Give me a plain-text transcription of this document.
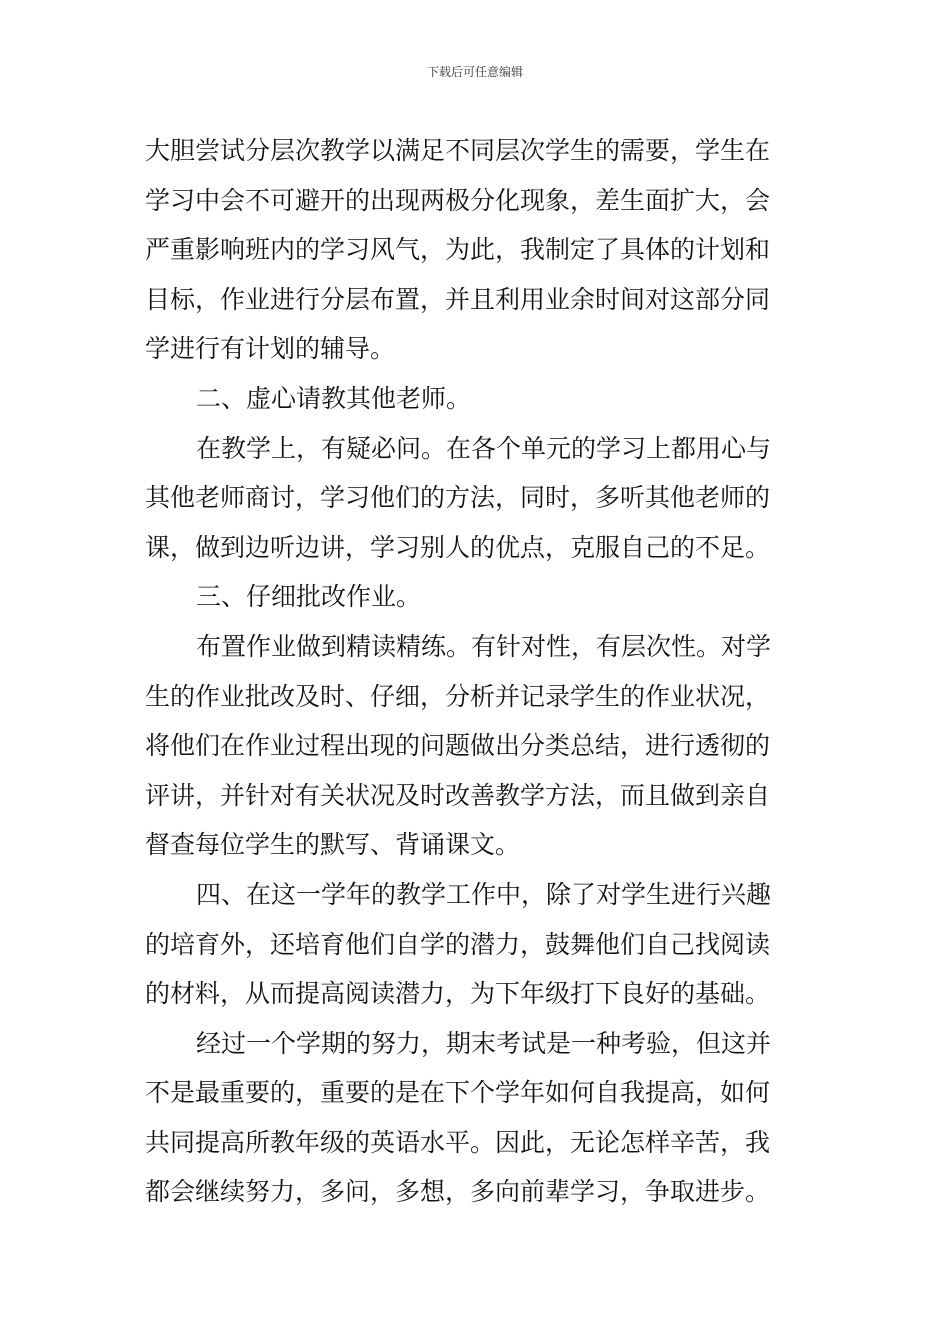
下载后可任意编辑
大胆尝试分层次教学以满足不同层次学生的需要，学生在
学习中会不可避开的出现两极分化现象，差生面扩大，会
严重影响班内的学习风气，为此，我制定了具体的计划和
目标，作业进行分层布置，并且利用业余时间对这部分同
学进行有计划的辅导。
二、虚心请教其他老师。
在教学上，有疑必问。在各个单元的学习上都用心与
其他老师商讨，学习他们的方法，同时，多听其他老师的
课，做到边听边讲，学习别人的优点，克服自己的不足。
三、仔细批改作业。
布置作业做到精读精练。有针对性，有层次性。对学
生的作业批改及时、仔细，分析并记录学生的作业状况，
将他们在作业过程出现的问题做出分类总结，进行透彻的
评讲，并针对有关状况及时改善教学方法，而且做到亲自
督查每位学生的默写、背诵课文。
四、在这一学年的教学工作中，除了对学生进行兴趣
的培育外，还培育他们自学的潜力，鼓舞他们自己找阅读
的材料，从而提高阅读潜力，为下年级打下良好的基础。
经过一个学期的努力，期末考试是一种考验，但这并
不是最重要的，重要的是在下个学年如何自我提高，如何
共同提高所教年级的英语水平。因此，无论怎样辛苦，我
都会继续努力，多问，多想，多向前辈学习，争取进步。
